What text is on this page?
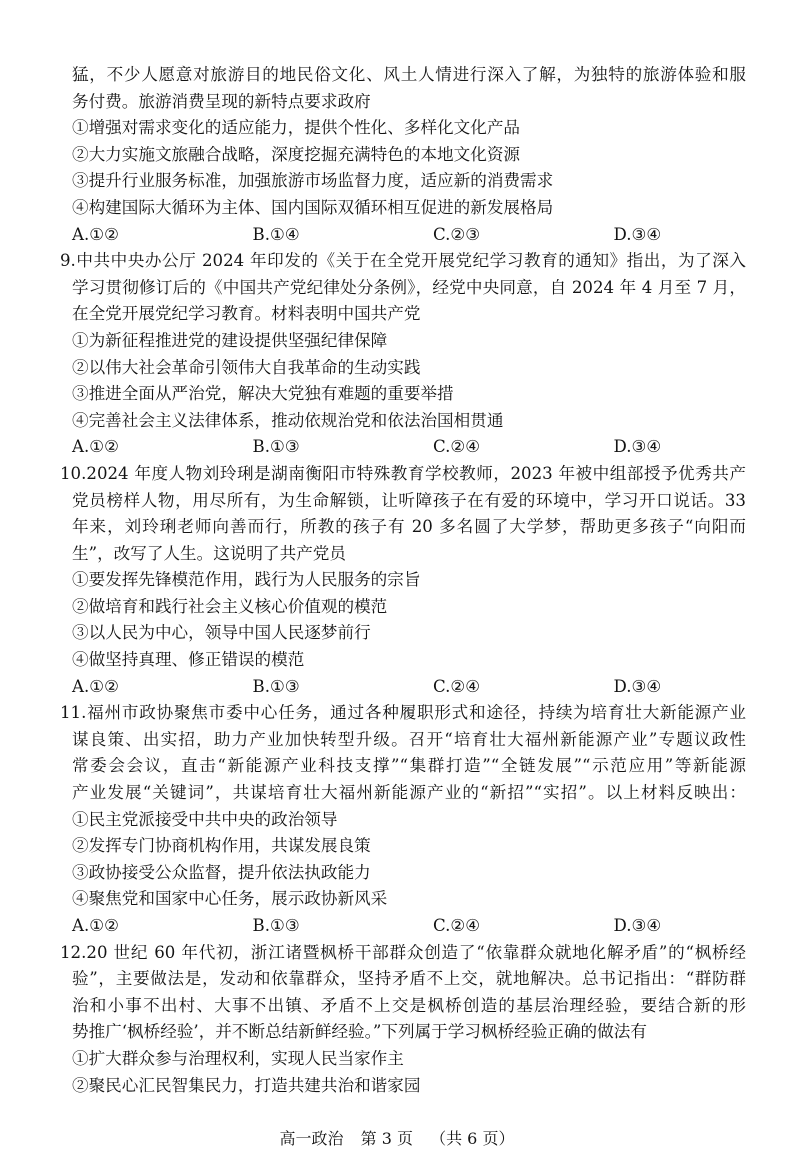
猛，不少人愿意对旅游目的地民俗文化、风土人情进行深入了解，为独特的旅游体验和服
务付费。旅游消费呈现的新特点要求政府
①增强对需求变化的适应能力，提供个性化、多样化文化产品
②大力实施文旅融合战略，深度挖掘充满特色的本地文化资源
③提升行业服务标准，加强旅游市场监督力度，适应新的消费需求
④构建国际大循环为主体、国内国际双循环相互促进的新发展格局
A.①②	B.①④	C.②③	D.③④
9.中共中央办公厅 2024 年印发的《关于在全党开展党纪学习教育的通知》指出，为了深入
学习贯彻修订后的《中国共产党纪律处分条例》，经党中央同意，自 2024 年 4 月至 7 月，
在全党开展党纪学习教育。材料表明中国共产党
①为新征程推进党的建设提供坚强纪律保障
②以伟大社会革命引领伟大自我革命的生动实践
③推进全面从严治党，解决大党独有难题的重要举措
④完善社会主义法律体系，推动依规治党和依法治国相贯通
A.①②	B.①③	C.②④	D.③④
10.2024 年度人物刘玲琍是湖南衡阳市特殊教育学校教师，2023 年被中组部授予优秀共产
党员榜样人物，用尽所有，为生命解锁，让听障孩子在有爱的环境中，学习开口说话。33
年来，刘玲琍老师向善而行，所教的孩子有 20 多名圆了大学梦，帮助更多孩子“向阳而
生”，改写了人生。这说明了共产党员
①要发挥先锋模范作用，践行为人民服务的宗旨
②做培育和践行社会主义核心价值观的模范
③以人民为中心，领导中国人民逐梦前行
④做坚持真理、修正错误的模范
A.①②	B.①③	C.②④	D.③④
11.福州市政协聚焦市委中心任务，通过各种履职形式和途径，持续为培育壮大新能源产业
谋良策、出实招，助力产业加快转型升级。召开“培育壮大福州新能源产业”专题议政性
常委会会议，直击“新能源产业科技支撑”“集群打造”“全链发展”“示范应用”等新能源
产业发展“关键词”，共谋培育壮大福州新能源产业的“新招”“实招”。以上材料反映出：
①民主党派接受中共中央的政治领导
②发挥专门协商机构作用，共谋发展良策
③政协接受公众监督，提升依法执政能力
④聚焦党和国家中心任务，展示政协新风采
A.①②	B.①③	C.②④	D.③④
12.20 世纪 60 年代初，浙江诸暨枫桥干部群众创造了“依靠群众就地化解矛盾”的“枫桥经
验”，主要做法是，发动和依靠群众，坚持矛盾不上交，就地解决。总书记指出：“群防群
治和小事不出村、大事不出镇、矛盾不上交是枫桥创造的基层治理经验，要结合新的形
势推广‘枫桥经验’，并不断总结新鲜经验。”下列属于学习枫桥经验正确的做法有
①扩大群众参与治理权利，实现人民当家作主
②聚民心汇民智集民力，打造共建共治和谐家园
高一政治 第 3 页 （共 6 页）
